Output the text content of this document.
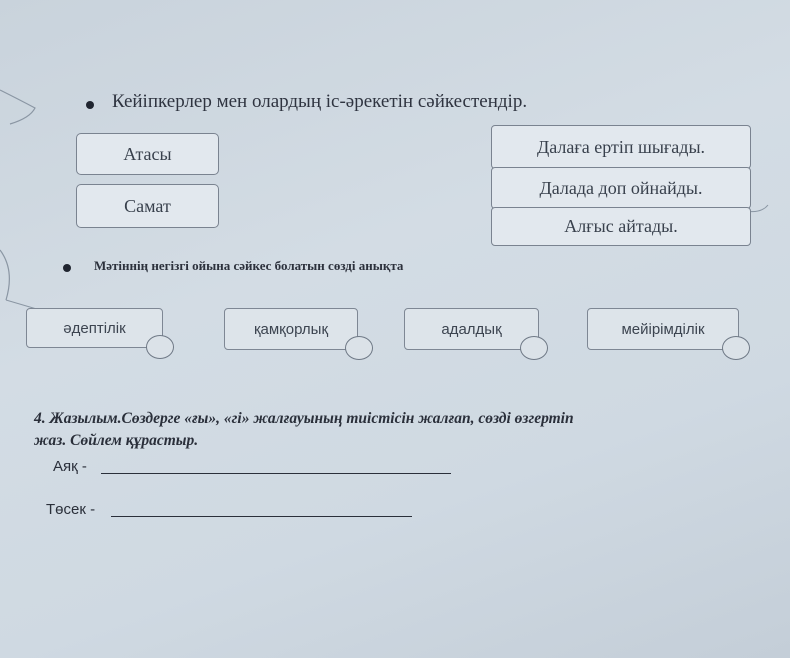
Кейіпкерлер мен олардың іс-әрекетін сәйкестендір.
Атасы
Самат
Далаға ертіп шығады.
Далада доп ойнайды.
Алғыс айтады.
Мәтіннің негізгі ойына сәйкес болатын сөзді анықта
әдептілік	қамқорлық	адалдық	мейірімділік
4. Жазылым.Сөздерге «ғы», «гі» жалғауының тиістісін жалғап, сөзді өзгертіп
жаз. Сөйлем құрастыр.
Аяқ -
Төсек -
